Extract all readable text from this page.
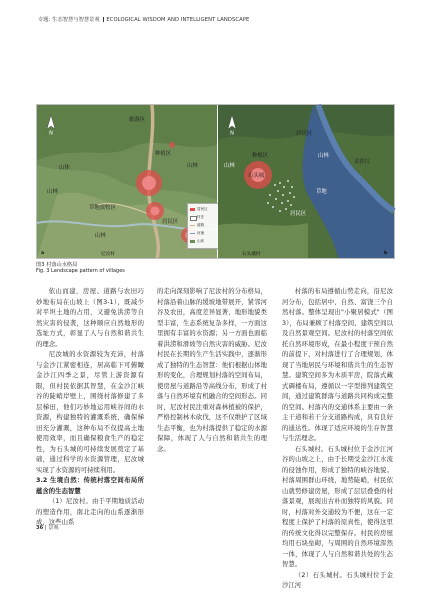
专题: 生态智慧与智慧景观 ECOLOGICAL WISDOM AND INTELLIGENT LANDSCAPE
旅游区
种植区
山林
山体
山林
草地放牧区
居民区
山林
N
尼汝村
a
居民区
村庄
道路
河流
山体
种植区
居民区
山林
石头城
山林
金沙江
草地
居民区
N
石头城村	b
图3 村落山水格局
Fig. 3 Landscape pattern of villages

依山而建，房屋、道路与农田巧妙地布局在山坡上（图3-1），既减少对平坦土地的占用，又避免洪涝等自然灾害的侵袭，这种顺应自然地形的选址方式，彰显了人与自然和谐共生的理念。

尼汝城的水资源较为充沛，村落与金沙江紧密相连，居高临下可俯瞰金沙江四季之景，尽管上游资源有限，但村民依据其智慧，在金沙江峡谷的陡峭岸壁上，围绕村落修建了多层梯田，他们巧妙地运用峡谷间的水资源，构建独特的灌溉系统，确保梯田充分灌溉，这种布局不仅提高土地使用效率，而且确保粮食生产的稳定性，为石头城的可持续发展奠定了基础，通过科学的水资源管理，尼汝城实现了水资源的可持续利用。

3.2 生境自然：传统村落空间布局所蕴含的生态智慧

（1）尼汝村。由于平期地质活动的塑造作用，南北走向的山系逐渐形成，这些山系

的走向深刻影响了尼汝村的分布格局，村落沿着山脉的缓坡地带展开，紧邻河谷及农田，高度差异显著，地形地貌类型丰富，生态系统复杂多样，一方面这里拥有丰富的水资源；另一方面也面临着洪涝和滑坡等自然灾害的威胁。尼汝村民在长期的生产生活实践中，逐渐形成了独特的生态智慧：他们根据山体地形的变化，合理规划村落的空间布局，使房屋与道路沿等高线分布，形成了村落与自然环境有机融合的空间形态。同时，尼汝村民注重对森林植被的保护，严格控制林木砍伐，这不仅维护了区域生态平衡，也为村落提供了稳定的水源保障，体现了人与自然和谐共生的理念。

村落的布局遵循山势走向，沿尼汝河分布，包括居中、自然、富饶三个自然村落。整体呈现出"小聚居模式"（图3），布局兼顾了村落空间、建筑空间以及自然景观空间。尼汝村的村落空间依托自然环境形成，在最小程度干预自然的前提下，对村落进行了合理规划，体现了当地居民与环境和谐共生的生态智慧。建筑空间多为木质平房，院落式藏式碉楼布局，遵循以一字型排列建筑空间，通过建筑群落与道路共同构成完整的空间。村落内的交通体系主要由一条主干道和若干分支道路构成，具有良好的通达性。体现了适应环境的生存智慧与生活理念。

石头城村。石头城村位于金沙江河谷的山坡之上，由于长期受金沙江水流的侵蚀作用，形成了独特的峡谷地貌。村落周围群山环绕，地势陡峭，村民依山就势修建房屋，形成了层层叠叠的村落景观，展现出古朴而独特的风貌。同时，村落对外交通较为不便，这在一定程度上保护了村落的原真性，使得这里的传统文化得以完整保存。村民的房屋均用石块垒砌，与周围的自然环境浑然一体，体现了人与自然和谐共处的生态智慧。

（2）石头城村。石头城村位于金沙江河

36 | 景观
